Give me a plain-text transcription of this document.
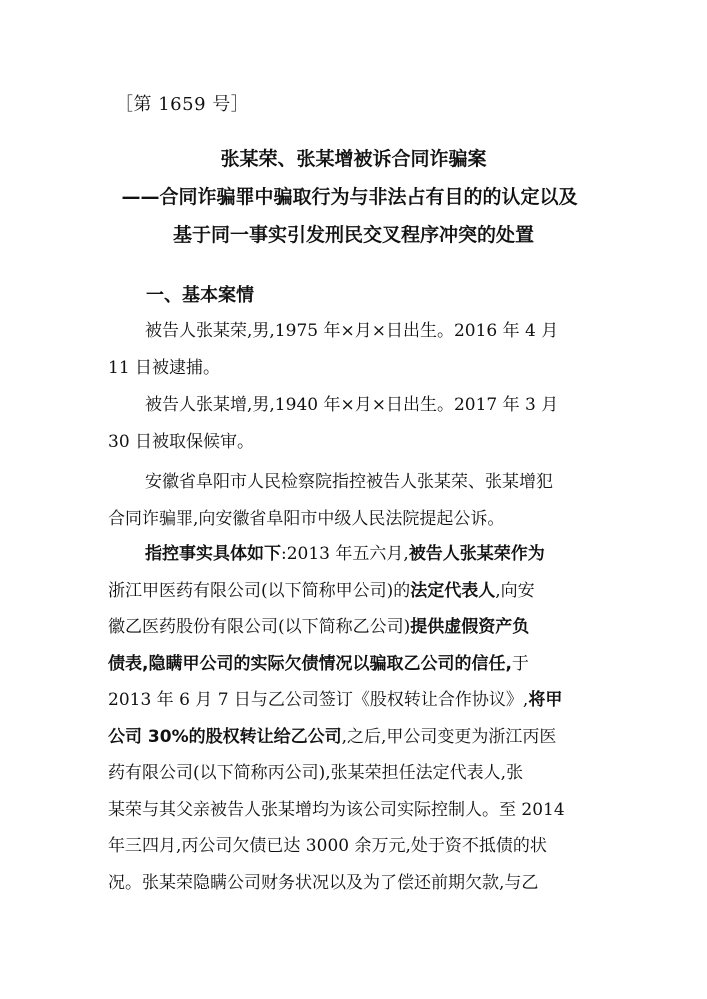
［第 1659 号］
张某荣、张某增被诉合同诈骗案
——合同诈骗罪中骗取行为与非法占有目的的认定以及
基于同一事实引发刑民交叉程序冲突的处置
一、基本案情
被告人张某荣,男,1975 年×月×日出生。2016 年 4 月
11 日被逮捕。
被告人张某增,男,1940 年×月×日出生。2017 年 3 月
30 日被取保候审。
安徽省阜阳市人民检察院指控被告人张某荣、张某增犯
合同诈骗罪,向安徽省阜阳市中级人民法院提起公诉。
指控事实具体如下:2013 年五六月,被告人张某荣作为
浙江甲医药有限公司(以下简称甲公司)的法定代表人,向安
徽乙医药股份有限公司(以下简称乙公司)提供虚假资产负
债表,隐瞒甲公司的实际欠债情况以骗取乙公司的信任,于
2013 年 6 月 7 日与乙公司签订《股权转让合作协议》,将甲
公司 30%的股权转让给乙公司,之后,甲公司变更为浙江丙医
药有限公司(以下简称丙公司),张某荣担任法定代表人,张
某荣与其父亲被告人张某增均为该公司实际控制人。至 2014
年三四月,丙公司欠债已达 3000 余万元,处于资不抵债的状
况。张某荣隐瞒公司财务状况以及为了偿还前期欠款,与乙
